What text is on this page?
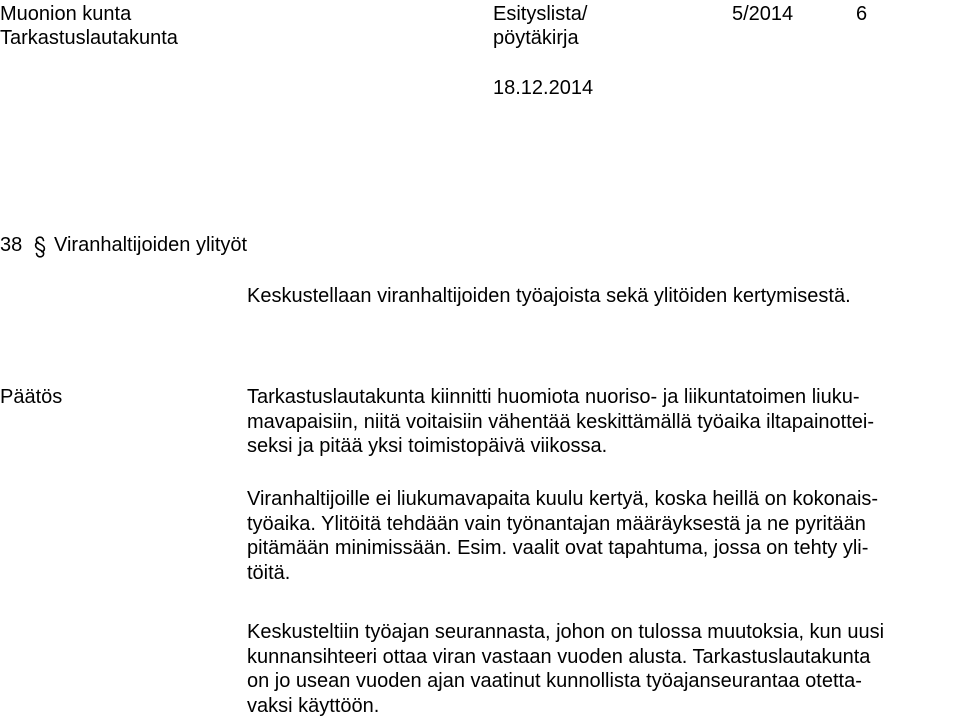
Muonion kunta
Tarkastuslautakunta
Esityslista/
pöytäkirja
5/2014	6
18.12.2014
38 Viranhaltijoiden ylityöt
Keskustellaan viranhaltijoiden työajoista sekä ylitöiden kertymisestä.
Päätös	Tarkastuslautakunta kiinnitti huomiota nuoriso- ja liikuntatoimen liuku-
mavapaisiin, niitä voitaisiin vähentää keskittämällä työaika iltapainottei-
seksi ja pitää yksi toimistopäivä viikossa.
Viranhaltijoille ei liukumavapaita kuulu kertyä, koska heillä on kokonais-
työaika. Ylitöitä tehdään vain työnantajan määräyksestä ja ne pyritään
pitämään minimissään. Esim. vaalit ovat tapahtuma, jossa on tehty yli-
töitä.
Keskusteltiin työajan seurannasta, johon on tulossa muutoksia, kun uusi
kunnansihteeri ottaa viran vastaan vuoden alusta. Tarkastuslautakunta
on jo usean vuoden ajan vaatinut kunnollista työajanseurantaa otetta-
vaksi käyttöön.
